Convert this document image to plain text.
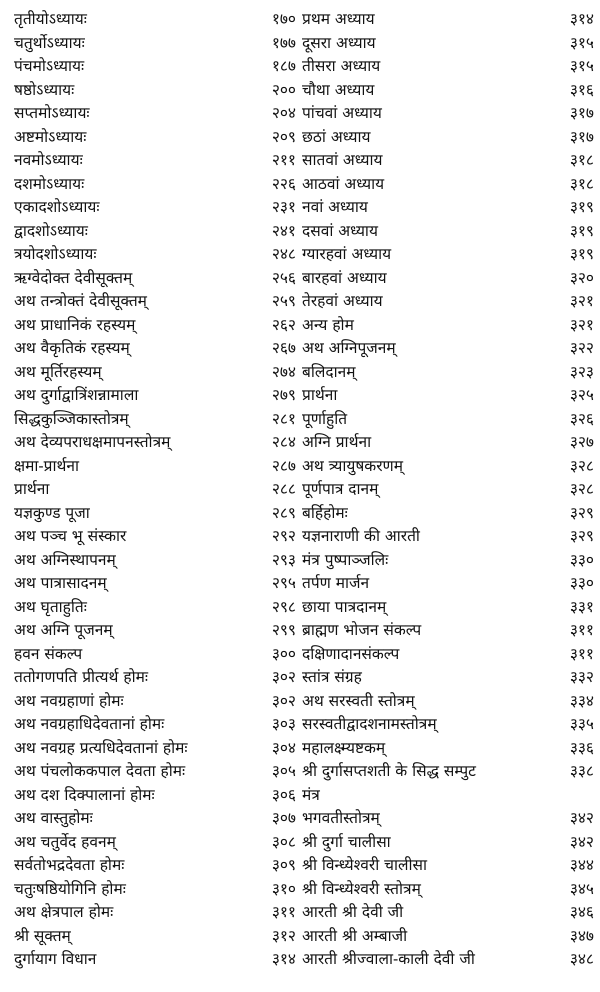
तृतीयोऽध्यायः	१७० प्रथम अध्याय	३१४
चतुर्थोऽध्यायः	१७७ दूसरा अध्याय	३१५
पंचमोऽध्यायः	१८७ तीसरा अध्याय	३१५
षष्ठोऽध्यायः	२०० चौथा अध्याय	३१६
सप्तमोऽध्यायः	२०४ पांचवां अध्याय	३१७
अष्टमोऽध्यायः	२०९ छठां अध्याय	३१७
नवमोऽध्यायः	२११ सातवां अध्याय	३१८
दशमोऽध्यायः	२२६ आठवां अध्याय	३१८
एकादशोऽध्यायः	२३१ नवां अध्याय	३१९
द्वादशोऽध्यायः	२४१ दसवां अध्याय	३१९
त्रयोदशोऽध्यायः	२४८ ग्यारहवां अध्याय	३१९
ऋग्वेदोक्त देवीसूक्तम्	२५६ बारहवां अध्याय	३२०
अथ तन्त्रोक्तं देवीसूक्तम्	२५९ तेरहवां अध्याय	३२१
अथ प्राधानिकं रहस्यम्	२६२ अन्य होम	३२१
अथ वैकृतिकं रहस्यम्	२६७ अथ अग्निपूजनम्	३२२
अथ मूर्तिरहस्यम्	२७४ बलिदानम्	३२३
अथ दुर्गाद्वात्रिंशन्नामाला	२७९ प्रार्थना	३२५
सिद्धकुञ्जिकास्तोत्रम्	२८१ पूर्णाहुति	३२६
अथ देव्यपराधक्षमापनस्तोत्रम्	२८४ अग्नि प्रार्थना	३२७
क्षमा-प्रार्थना	२८७ अथ त्र्यायुषकरणम्	३२८
प्रार्थना	२८८ पूर्णपात्र दानम्	३२८
यज्ञकुण्ड पूजा	२८९ बर्हिहोमः	३२९
अथ पञ्च भू संस्कार	२९२ यज्ञनाराणी की आरती	३२९
अथ अग्निस्थापनम्	२९३ मंत्र पुष्पाञ्जलिः	३३०
अथ पात्रासादनम्	२९५ तर्पण मार्जन	३३०
अथ घृताहुतिः	२९८ छाया पात्रदानम्	३३१
अथ अग्नि पूजनम्	२९९ ब्राह्मण भोजन संकल्प	३११
हवन संकल्प	३०० दक्षिणादानसंकल्प	३११
ततोगणपति प्रीत्यर्थ होमः	३०२ स्तांत्र संग्रह	३३२
अथ नवग्रहाणां होमः	३०२ अथ सरस्वती स्तोत्रम्	३३४
अथ नवग्रहाधिदेवतानां होमः	३०३ सरस्वतीद्वादशनामस्तोत्रम्	३३५
अथ नवग्रह प्रत्यधिदेवतानां होमः	३०४ महालक्ष्म्यष्टकम्	३३६
अथ पंचलोककपाल देवता होमः	३०५ श्री दुर्गासप्तशती के सिद्ध सम्पुट	३३८
अथ दश दिक्पालानां होमः	३०६ मंत्र
अथ वास्तुहोमः	३०७ भगवतीस्तोत्रम्	३४२
अथ चतुर्वेद हवनम्	३०८ श्री दुर्गा चालीसा	३४२
सर्वतोभद्रदेवता होमः	३०९ श्री विन्ध्येश्वरी चालीसा	३४४
चतुःषष्ठियोगिनि होमः	३१० श्री विन्ध्येश्वरी स्तोत्रम्	३४५
अथ क्षेत्रपाल होमः	३११ आरती श्री देवी जी	३४६
श्री सूक्तम्	३१२ आरती श्री अम्बाजी	३४७
दुर्गायाग विधान	३१४ आरती श्रीज्वाला-काली देवी जी	३४८
